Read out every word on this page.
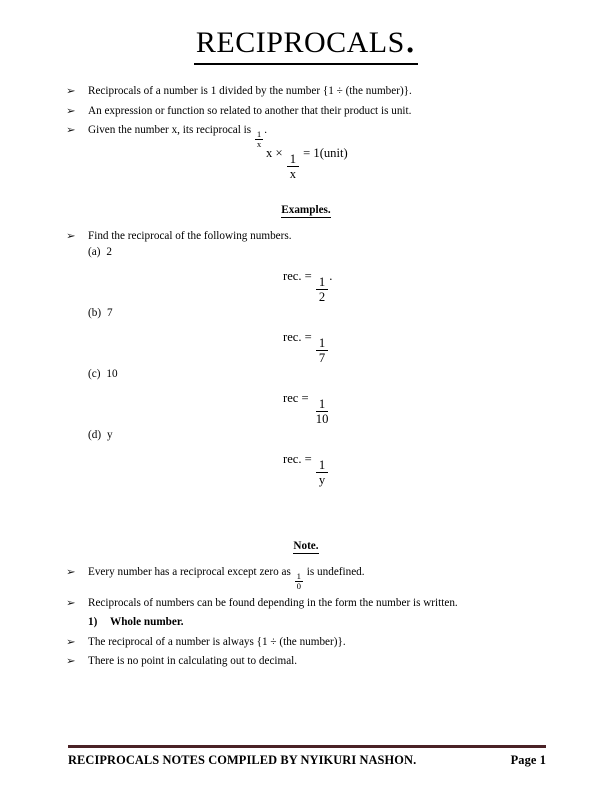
reciprocals.
➢	Reciprocals of a number is 1 divided by the number {1 ÷ (the number)}.
➢	An expression or function so related to another that their product is unit.
➢	Given the number x, its reciprocal is $\frac{1}{x}$ .
$x \times \frac{1}{x}$ = 1(unit)
Examples.
➢	Find the reciprocal of the following numbers.
(a) 2
rec. = $\frac{1}{2}$ .
(b) 7
rec. = $\frac{1}{7}$
(c) 10
rec = $\frac{1}{10}$
(d) y
rec. = $\frac{1}{y}$
Note.
➢	Every number has a reciprocal except zero as $\frac{1}{0}$ is undefined.
➢	Reciprocals of numbers can be found depending in the form the number is written.
1)	Whole number.
➢	The reciprocal of a number is always {1 ÷ (the number)}.
➢	There is no point in calculating out to decimal.
RECIPROCALS NOTES COMPILED BY NYIKURI NASHON.	Page 1
